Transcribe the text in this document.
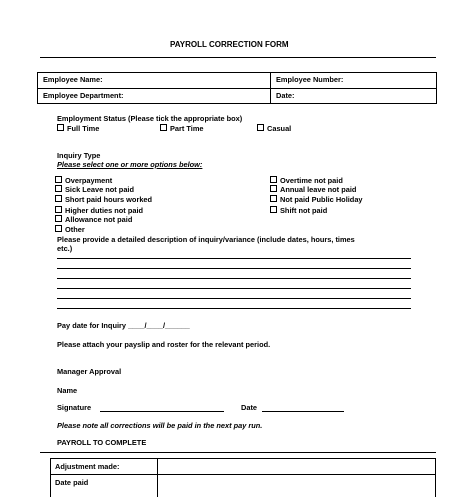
PAYROLL CORRECTION FORM
Employee Name:	Employee Number:
Employee Department:	Date:
Employment Status (Please tick the appropriate box)
Full Time	Part Time	Casual
Inquiry Type
Please select one or more options below:
Overpayment
Sick Leave not paid
Short paid hours worked
Higher duties not paid
Allowance not paid
Other
Overtime not paid
Annual leave not paid
Not paid Public Holiday
Shift not paid
Please provide a detailed description of inquiry/variance (include dates, hours, times
etc.)
Pay date for Inquiry ____/____/______
Please attach your payslip and roster for the relevant period.
Manager Approval
Name
Signature	Date
Please note all corrections will be paid in the next pay run.
PAYROLL TO COMPLETE
Adjustment made:
Date paid
